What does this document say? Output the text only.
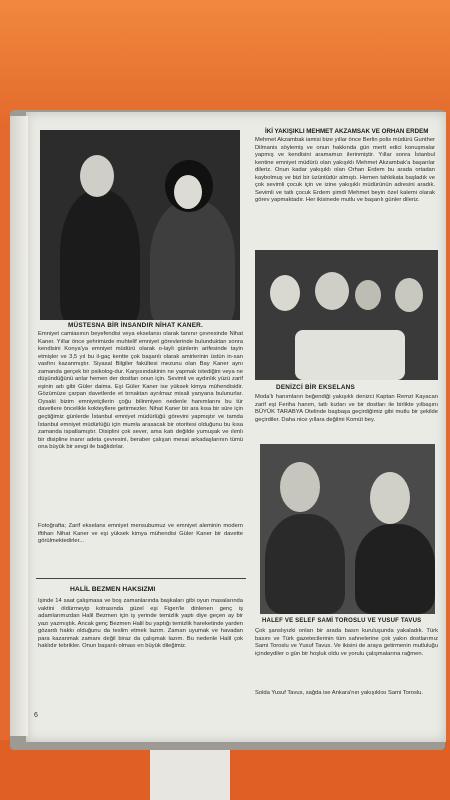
MÜSTESNA BİR İNSANDIR NİHAT KANER.
Emniyet camiasının beyefendisi veya ekselansı olarak tanınır çevresinde Nihat Kaner. Yıllar önce şehrimizde muhtelif emniyet görevlerinde bulunduktan sonra kendisini Konya'ya emniyet müdürü olarak o-layli günlerin arifesinde tayin etmişler ve 3,5 yıl bu il-gaç kentte çok başarılı olarak amirlerinin üstün in-san vasfını kazanmıştır. Siyasal Bilgiler fakültesi mezunu olan Bay Kaner aynı zamanda gerçek bir psikolog-dur. Karşısındakinin ne yapmak istediğini veya ne düşündüğünü anlar hemen der dostları onun için. Sevimli ve aydınlık yüzü zarif eşinin adı gibi Güler daima. Eşi Güler Kaner ise yüksek kimya mühendisidir. Gözümüze çarpan davetlerde et tırnaktan ayrılmaz misali yanyana bulunurlar. Oysaki bizim emniyetçilerin çoğu bilinmiyen nedenle hanımlarını bu tür davetlere öncelikle kokteyllere getirmezler. Nihat Kaner bir ara kısa bir süre için geçtiğimiz günlerde İstanbul emniyet müdürlüğü görevini yapmıştır ve tamda İstanbul emniyet müdürlüğü için mumla arasacak bir otoritesi olduğunu bu kısa zamanda ispatlamıştır. Disiplini çok sever, ama katı değilde yumuşak ve ılımlı bir disipline inanır adeta çevresini, beraber çalışan mesai arkadaşlarının tümü ona büyük bir sevgi ile bağlıdırlar.
Fotoğrafta; Zarif ekselans emniyet mensubumuz ve emniyet aleminin modern iftiharı Nihat Kaner ve eşi yüksek kimya mühendisi Güler Kaner bir davette görülmektedirler...
HALİL BEZMEN HAKSIZMI
İşinde 14 saat çalışmasa ve boş zamanlarında başkaları gibi oyun masalarında vaktini öldürmeyip kotrasında güzel eşi Figen'le dinlenen genç iş adamlarımızdan Halil Bezmen için iş yerinde temizlik yaptı diye geçen ay bir yazı yazmıştık. Ancak genç Bezmen Halil bu yaptığı temizlik hareketinde yarden gözardı hakkı olduğunu da teslim etmek lazım. Zaman uyumak ve havadan para kazanmak zamanı değil biraz da çalışmak lazım. Bu nedenle Halil çok haklıdır tebrikler. Onun başarılı olması en büyük dileğimiz.
6
İKİ YAKIŞIKLI MEHMET AKZAMSAK VE ORHAN ERDEM
Mehmet Akzambak iamisi bize yıllar önce Berlin polis müdürü Gunther Dilmanis söylemiş ve onun hakkında gün mertt edici konuşmalar yapmış ve kendisini aramamızı ilerinmiştir. Yıllar sonra İstanbul kentine emniyet müdürü olan yakışıklı Mehmet Akzambak'a başarılar dileriz. Onun kadar yakışıklı olan Orhan Erdem bu arada ortadan kaybolmuş ve bizi bir üzüntüdür almıştı. Hemen tahkikata başladık ve çok sevimli çocuk için ve izine yakışıklı müdürünün adresini aradık. Sevimli ve tatlı çocuk Erdem şimdi Mehmet beyin özel kalemi olarak görev yapmaktadır. Her ikisinede mutlu ve başarılı günler dileriz.
DENİZCİ BİR EKSELANS
Moda'lı hanımların beğendiği yakışıklı denizci Kaptan Remzi Kayacan zarif eşi Feriha hanım, tatlı kızları ve bir dostları ile birlikte yılbaşını BÜYÜK TARABYA Otelinde başbaşa geçirdiğimiz gibi mutlu bir şekilde geçirdiler. Daha nice yıllara değilmi Komüt bey.
HALEF VE SELEF SAMİ TOROSLU VE YUSUF TAVUS
Çok şanslıyızki onları bir arada basın kuruluşunda yakaladık. Türk basını ve Türk gazetecilerinin tüm sahnelerine çok yakın dostlarımız Sami Toroslu ve Yusuf Tavus. Ve ikisini de araya getirmenin mutluluğu içindeydiler o gün bir hoşluk oldu ve yorulu çalışmalarına rağmen.
Solda Yusuf Tavus, sağda ise Ankara'nın yakışıklısı Sami Toroslu.
